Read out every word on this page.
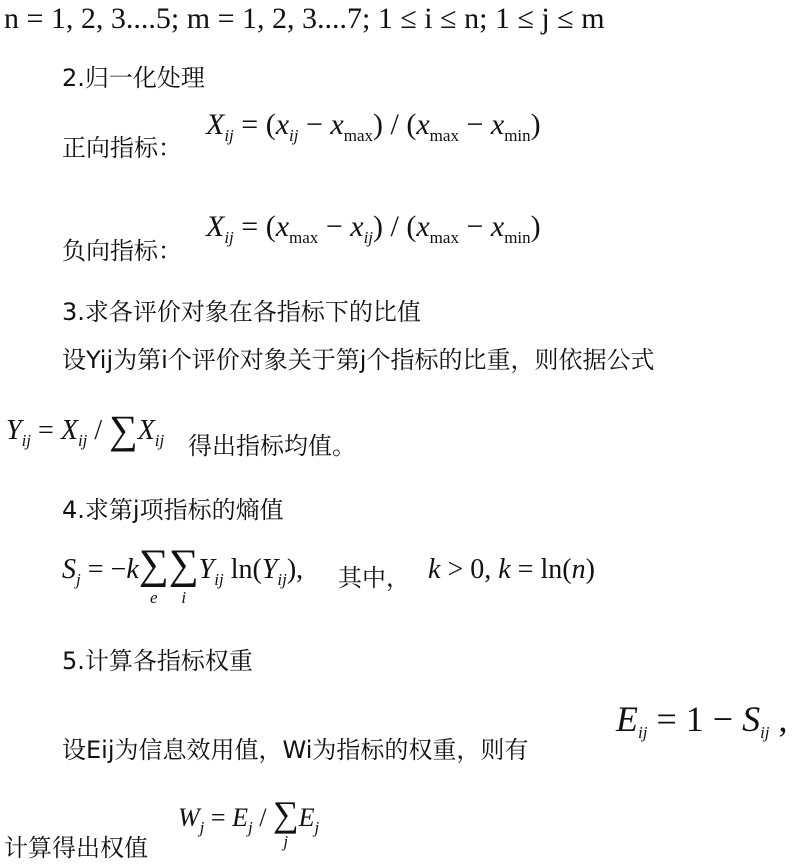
n = 1, 2, 3....5; m = 1, 2, 3....7; 1 ≤ i ≤ n; 1 ≤ j ≤ m
2.归一化处理
正向指标：
$X_{ij} = (x_{ij} - x_{max}) / (x_{max} - x_{min})$
负向指标：
$X_{ij} = (x_{max} - x_{ij}) / (x_{max} - x_{min})$
3.求各评价对象在各指标下的比值
设Yij为第i个评价对象关于第j个指标的比重，则依据公式
$Y_{ij} = X_{ij} / \sum X_{ij}$ 得出指标均值。
4.求第j项指标的熵值
$S_j = -k$ ∑
e
∑
i
$Y_{ij}$ $\ln(Y_{ij})$, 其中， k > 0, k = ln(n)
5.计算各指标权重
设Eij为信息效用值，Wi为指标的权重，则有
Eij = 1 − Sij ,
$W_j = E_j$ / ∑
j
$E_j$
计算得出权值
